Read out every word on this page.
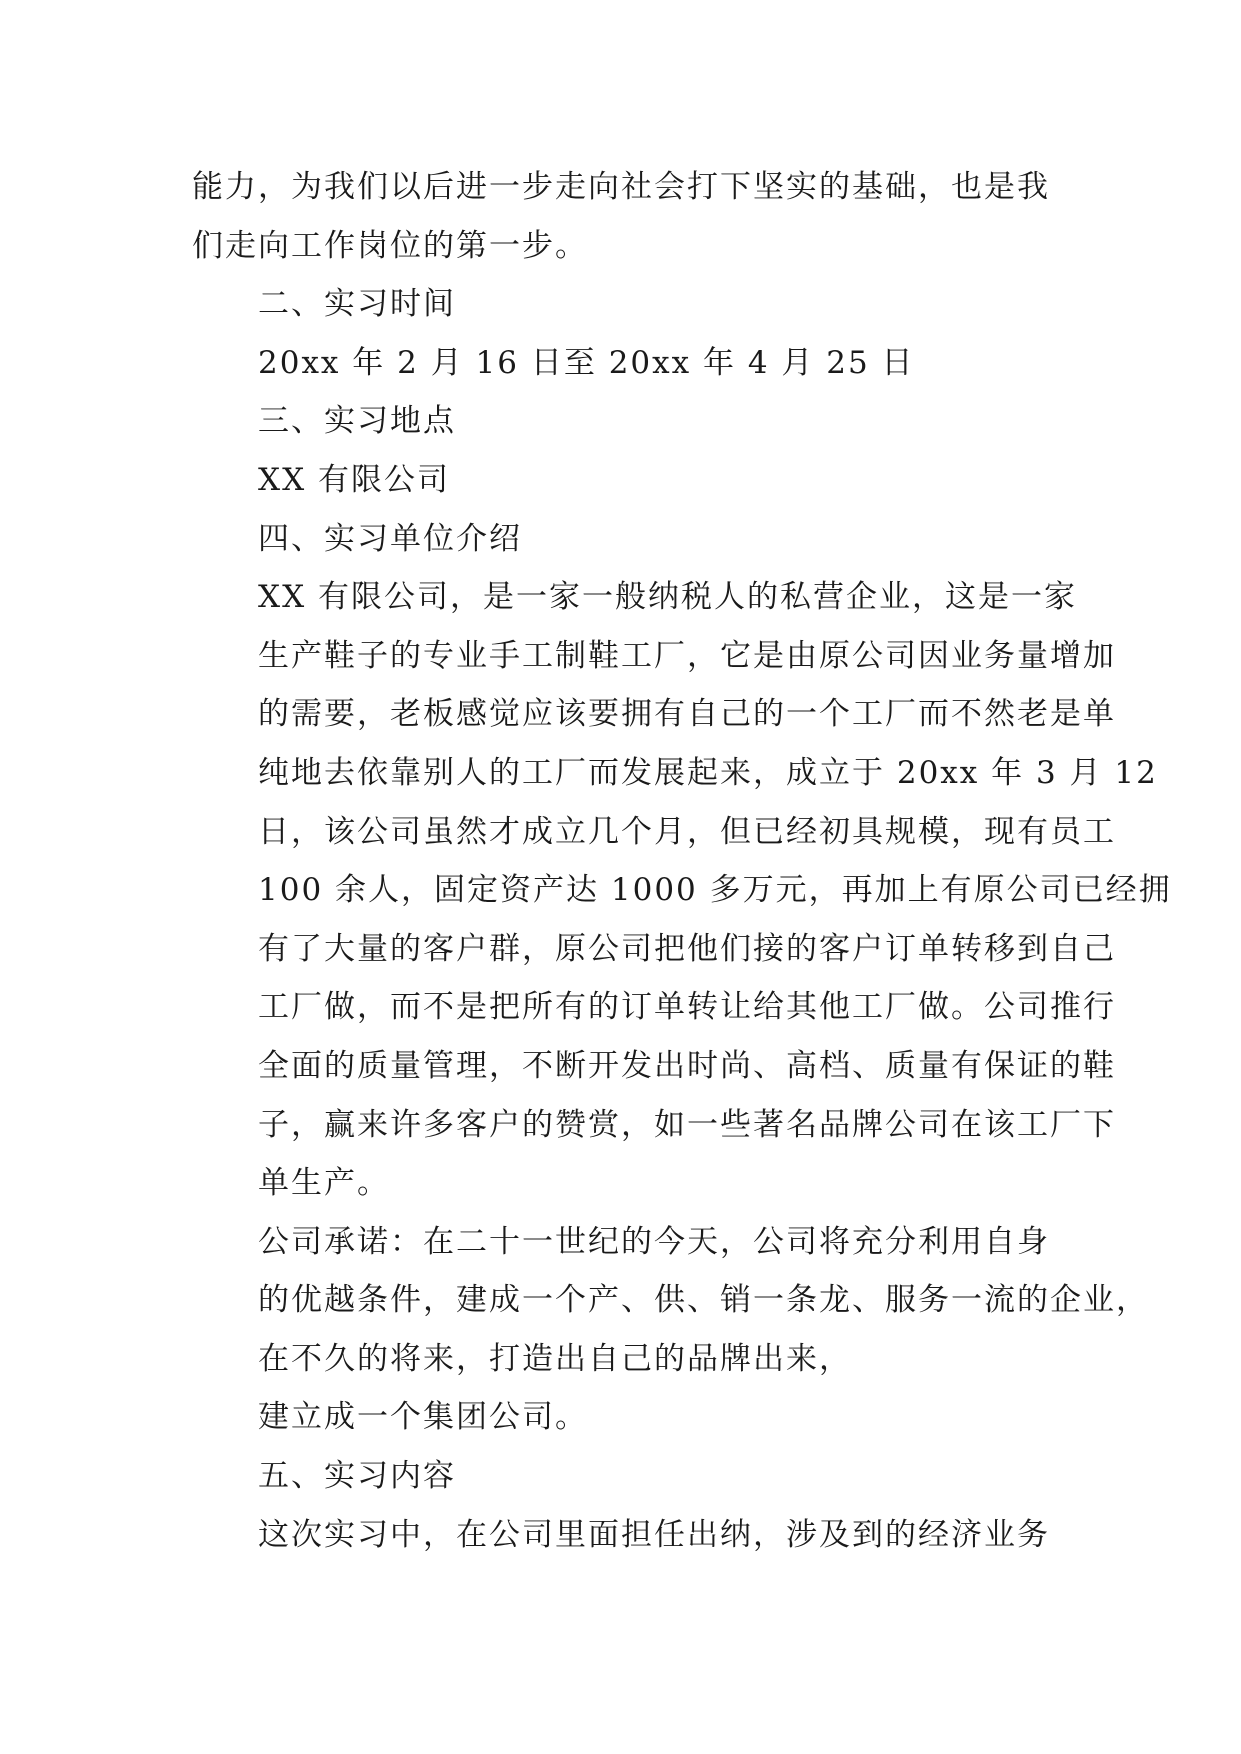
能力，为我们以后进一步走向社会打下坚实的基础，也是我
们走向工作岗位的第一步。
二、实习时间
20xx 年 2 月 16 日至 20xx 年 4 月 25 日
三、实习地点
XX 有限公司
四、实习单位介绍
XX 有限公司，是一家一般纳税人的私营企业，这是一家
生产鞋子的专业手工制鞋工厂，它是由原公司因业务量增加
的需要，老板感觉应该要拥有自己的一个工厂而不然老是单
纯地去依靠别人的工厂而发展起来，成立于 20xx 年 3 月 12
日，该公司虽然才成立几个月，但已经初具规模，现有员工
100 余人，固定资产达 1000 多万元，再加上有原公司已经拥
有了大量的客户群，原公司把他们接的客户订单转移到自己
工厂做，而不是把所有的订单转让给其他工厂做。公司推行
全面的质量管理，不断开发出时尚、高档、质量有保证的鞋
子，赢来许多客户的赞赏，如一些著名品牌公司在该工厂下
单生产。
公司承诺：在二十一世纪的今天，公司将充分利用自身
的优越条件，建成一个产、供、销一条龙、服务一流的企业，
在不久的将来，打造出自己的品牌出来，
建立成一个集团公司。
五、实习内容
这次实习中，在公司里面担任出纳，涉及到的经济业务
